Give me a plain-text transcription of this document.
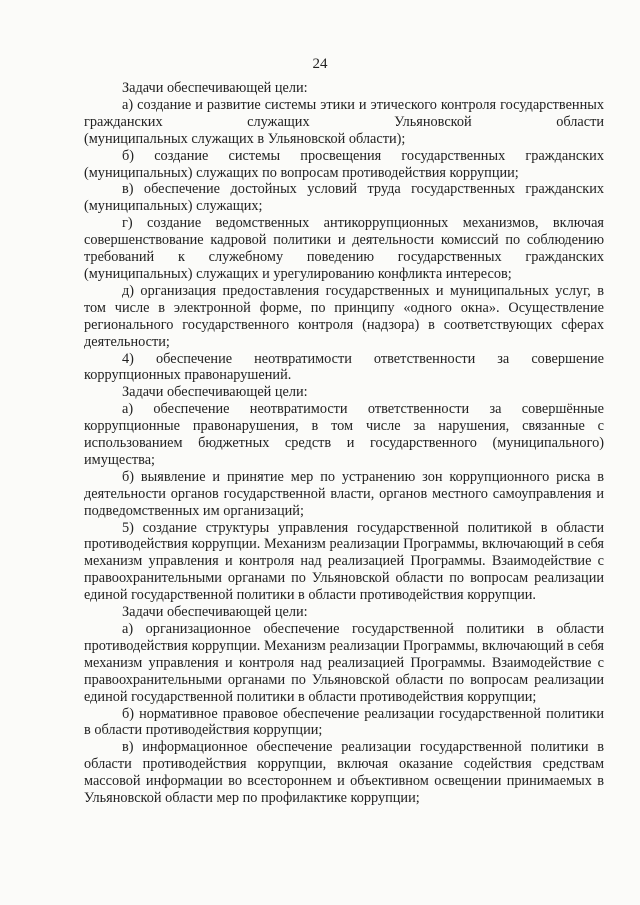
24

Задачи обеспечивающей цели:

а) создание и развитие системы этики и этического контроля государственных гражданских служащих Ульяновской области

(муниципальных служащих в Ульяновской области);

б) создание системы просвещения государственных гражданских (муниципальных) служащих по вопросам противодействия коррупции;

в) обеспечение достойных условий труда государственных гражданских (муниципальных) служащих;

г) создание ведомственных антикоррупционных механизмов, включая совершенствование кадровой политики и деятельности комиссий по соблюдению требований к служебному поведению государственных гражданских (муниципальных) служащих и урегулированию конфликта интересов;

д) организация предоставления государственных и муниципальных услуг, в том числе в электронной форме, по принципу «одного окна». Осуществление регионального государственного контроля (надзора) в соответствующих сферах деятельности;

4) обеспечение неотвратимости ответственности за совершение коррупционных правонарушений.

Задачи обеспечивающей цели:

а) обеспечение неотвратимости ответственности за совершённые коррупционные правонарушения, в том числе за нарушения, связанные с использованием бюджетных средств и государственного (муниципального) имущества;

б) выявление и принятие мер по устранению зон коррупционного риска в деятельности органов государственной власти, органов местного самоуправления и подведомственных им организаций;

5) создание структуры управления государственной политикой в области противодействия коррупции. Механизм реализации Программы, включающий в себя механизм управления и контроля над реализацией Программы. Взаимодействие с правоохранительными органами по Ульяновской области по вопросам реализации единой государственной политики в области противодействия коррупции.

Задачи обеспечивающей цели:

а) организационное обеспечение государственной политики в области противодействия коррупции. Механизм реализации Программы, включающий в себя механизм управления и контроля над реализацией Программы. Взаимодействие с правоохранительными органами по Ульяновской области по вопросам реализации единой государственной политики в области противодействия коррупции;

б) нормативное правовое обеспечение реализации государственной политики в области противодействия коррупции;

в) информационное обеспечение реализации государственной политики в области противодействия коррупции, включая оказание содействия средствам массовой информации во всестороннем и объективном освещении принимаемых в Ульяновской области мер по профилактике коррупции;
